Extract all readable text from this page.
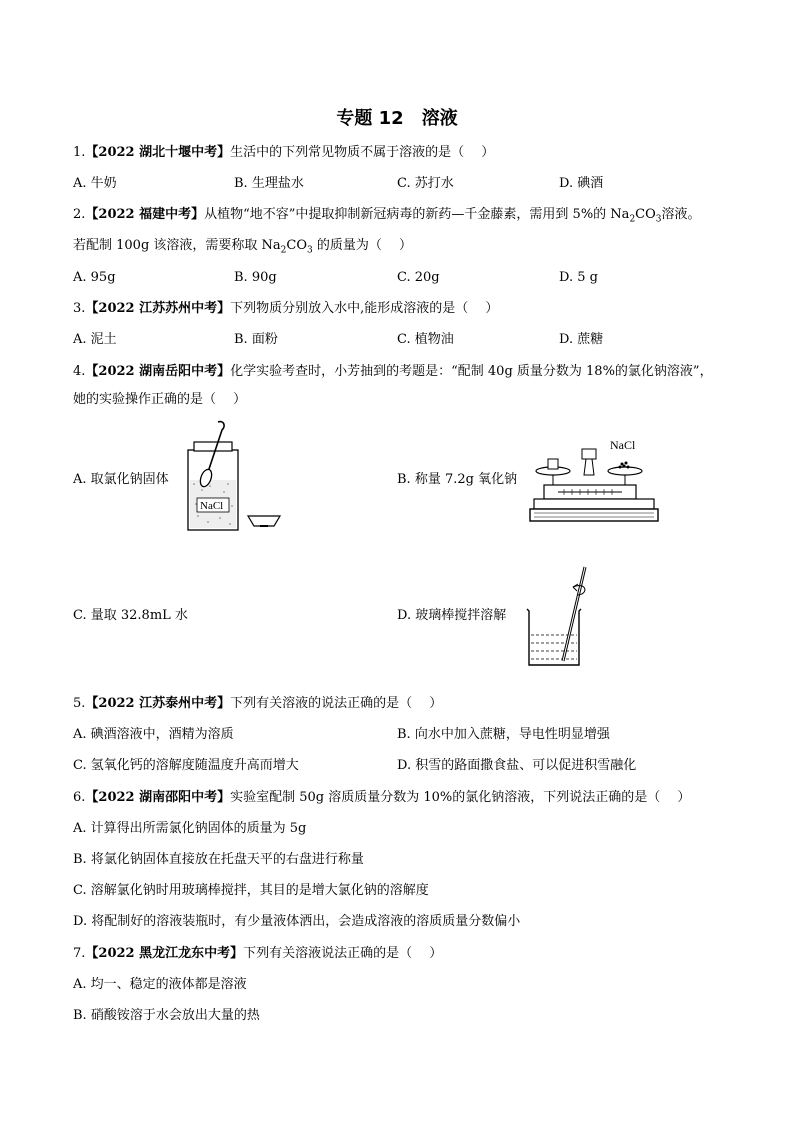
专题 12　溶液
1.【2022 湖北十堰中考】生活中的下列常见物质不属于溶液的是（　 ）
A. 牛奶	B. 生理盐水	C. 苏打水	D. 碘酒
2.【2022 福建中考】从植物“地不容”中提取抑制新冠病毒的新药—千金藤素，需用到 5%的 $Na_2CO_3$溶液。
若配制 100g 该溶液，需要称取 $Na_2CO_3$ 的质量为（　 ）
A. 95g	B. 90g	C. 20g	D. 5 g
3.【2022 江苏苏州中考】下列物质分别放入水中,能形成溶液的是（　 ）
A. 泥土	B. 面粉	C. 植物油	D. 蔗糖
4.【2022 湖南岳阳中考】化学实验考查时，小芳抽到的考题是：“配制 40g 质量分数为 18%的氯化钠溶液”，
她的实验操作正确的是（　 ）
A. 取氯化钠固体	B. 称量 7.2g 氧化钠
C. 量取 32.8mL 水	D. 玻璃棒搅拌溶解
NaCl
NaCl
5.【2022 江苏泰州中考】下列有关溶液的说法正确的是（　 ）
A. 碘酒溶液中，酒精为溶质	B. 向水中加入蔗糖，导电性明显增强
C. 氢氧化钙的溶解度随温度升高而增大	D. 积雪的路面撒食盐、可以促进积雪融化
6.【2022 湖南邵阳中考】实验室配制 50g 溶质质量分数为 10%的氯化钠溶液，下列说法正确的是（　 ）
A. 计算得出所需氯化钠固体的质量为 5g
B. 将氯化钠固体直接放在托盘天平的右盘进行称量
C. 溶解氯化钠时用玻璃棒搅拌，其目的是增大氯化钠的溶解度
D. 将配制好的溶液装瓶时，有少量液体洒出，会造成溶液的溶质质量分数偏小
7.【2022 黑龙江龙东中考】下列有关溶液说法正确的是（　 ）
A. 均一、稳定的液体都是溶液
B. 硝酸铵溶于水会放出大量的热
